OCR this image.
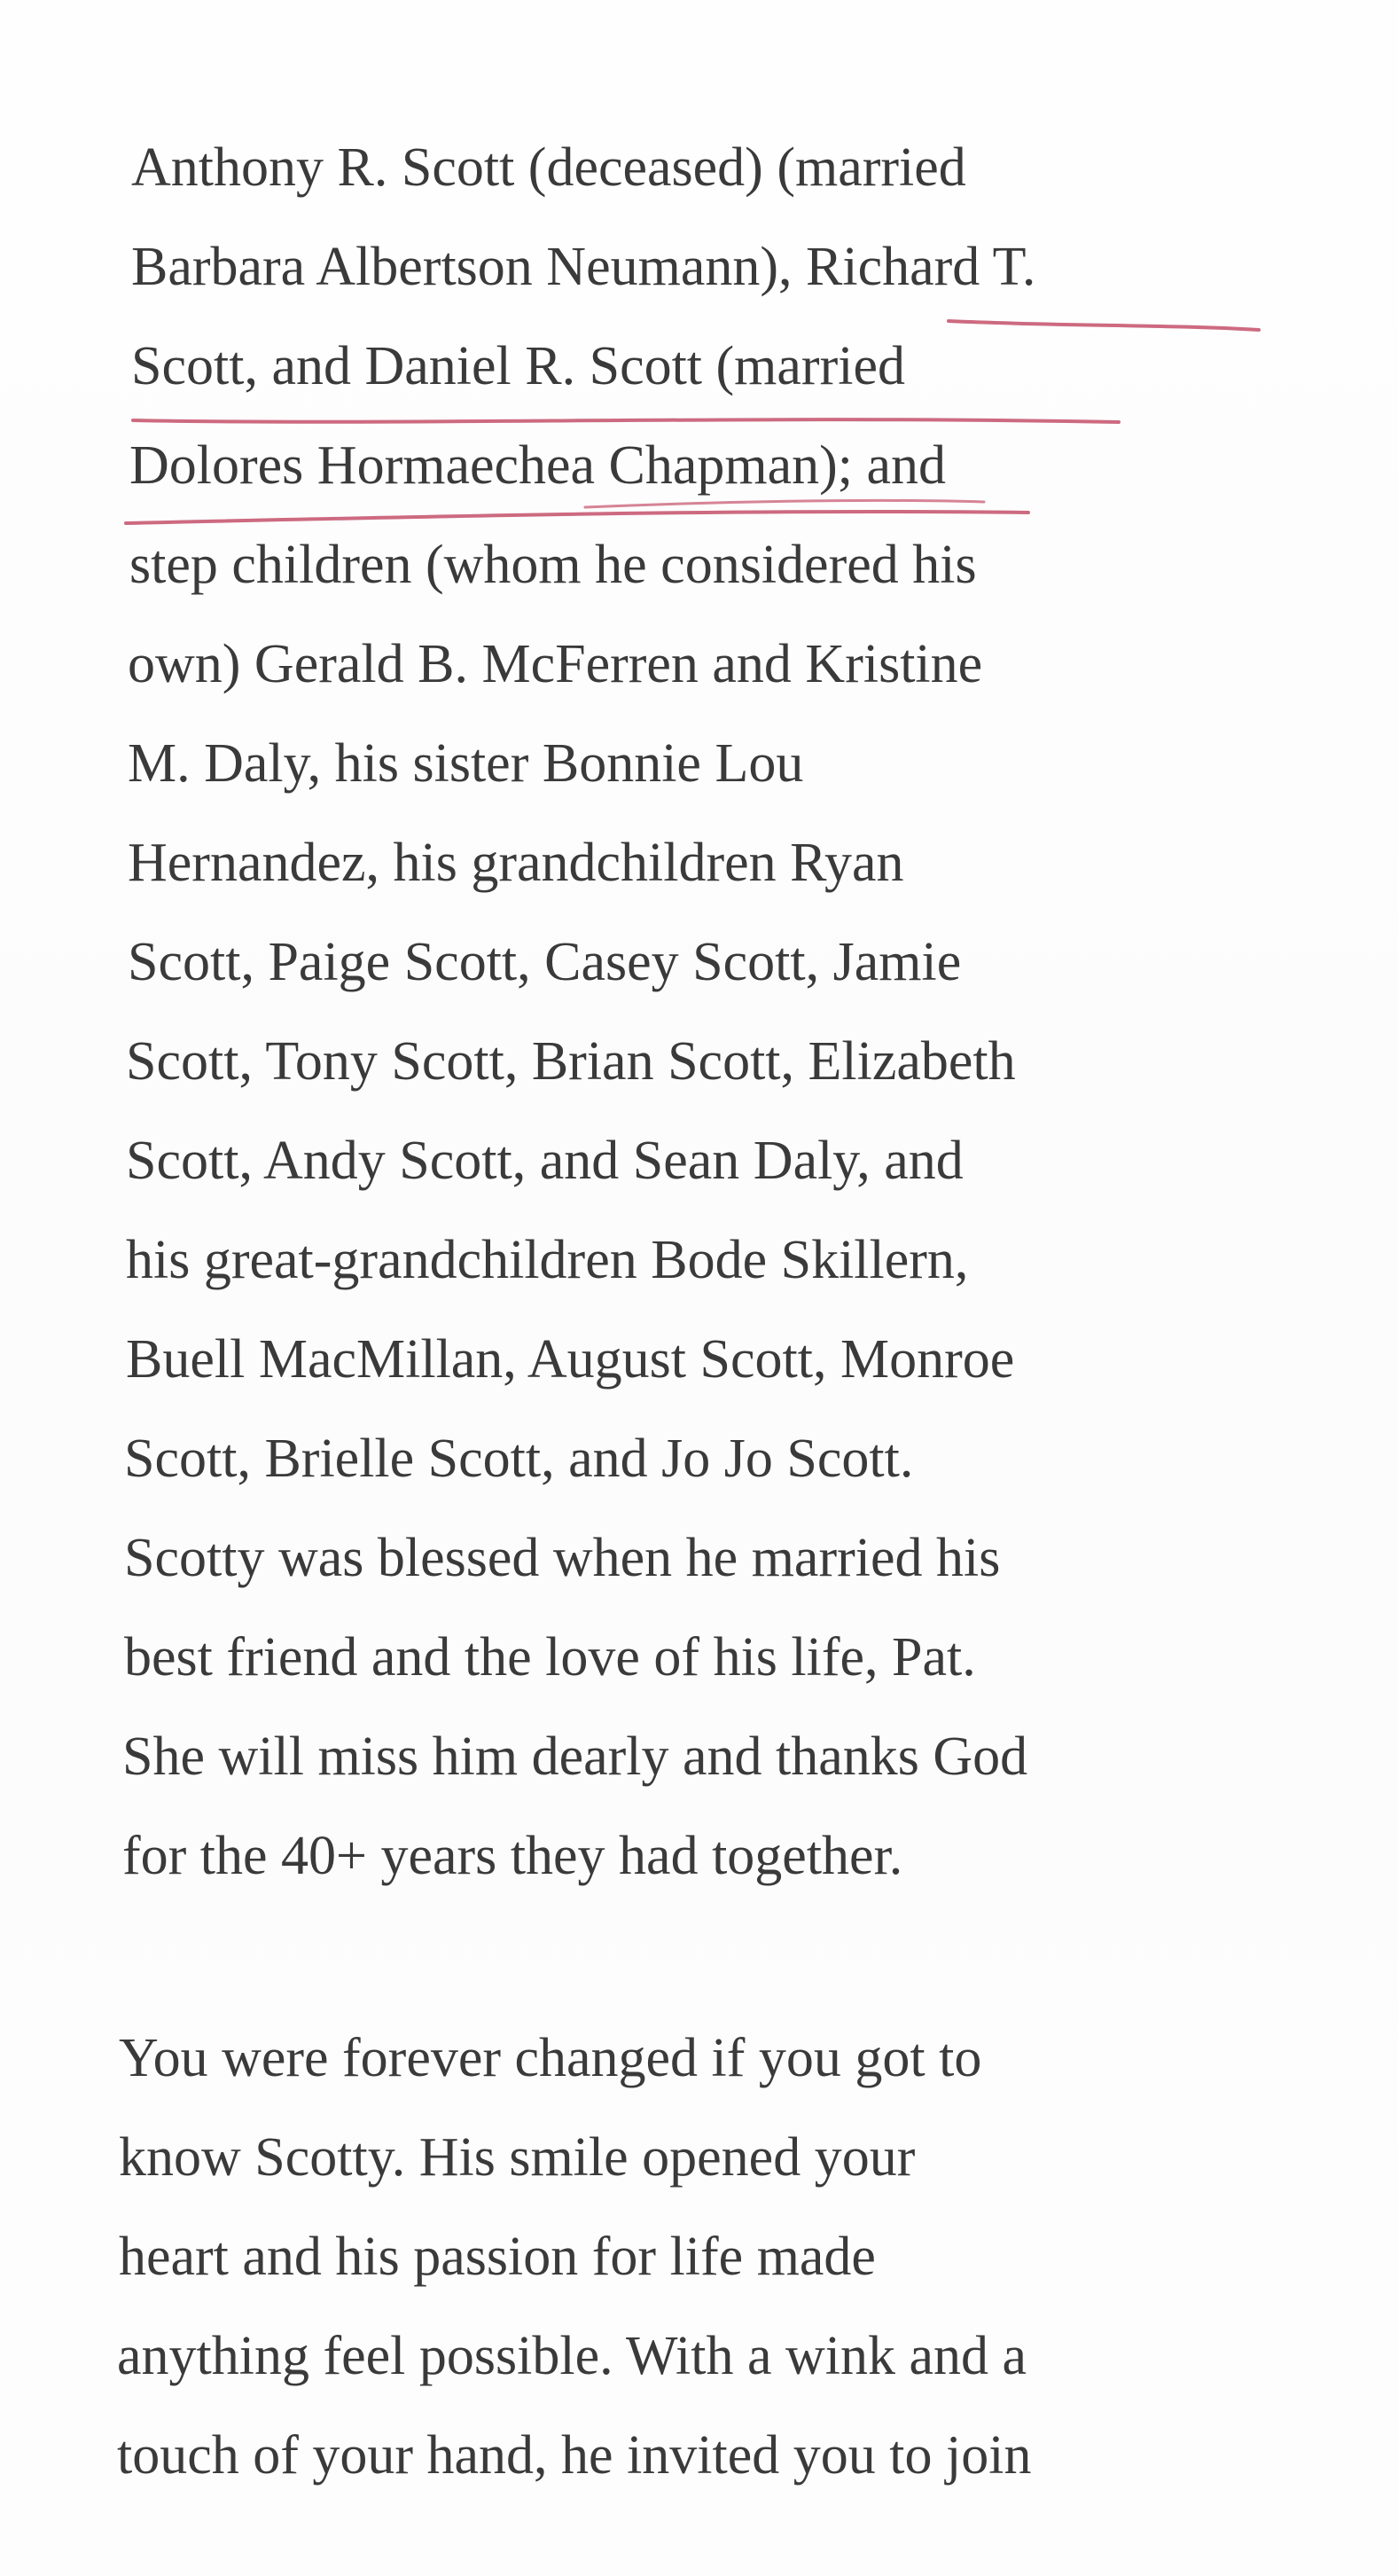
Anthony R. Scott (deceased) (married
Barbara Albertson Neumann), Richard T.
Scott, and Daniel R. Scott (married
Dolores Hormaechea Chapman); and
step children (whom he considered his
own) Gerald B. McFerren and Kristine
M. Daly, his sister Bonnie Lou
Hernandez, his grandchildren Ryan
Scott, Paige Scott, Casey Scott, Jamie
Scott, Tony Scott, Brian Scott, Elizabeth
Scott, Andy Scott, and Sean Daly, and
his great-grandchildren Bode Skillern,
Buell MacMillan, August Scott, Monroe
Scott, Brielle Scott, and Jo Jo Scott.
Scotty was blessed when he married his
best friend and the love of his life, Pat.
She will miss him dearly and thanks God
for the 40+ years they had together.
You were forever changed if you got to
know Scotty. His smile opened your
heart and his passion for life made
anything feel possible. With a wink and a
touch of your hand, he invited you to join
